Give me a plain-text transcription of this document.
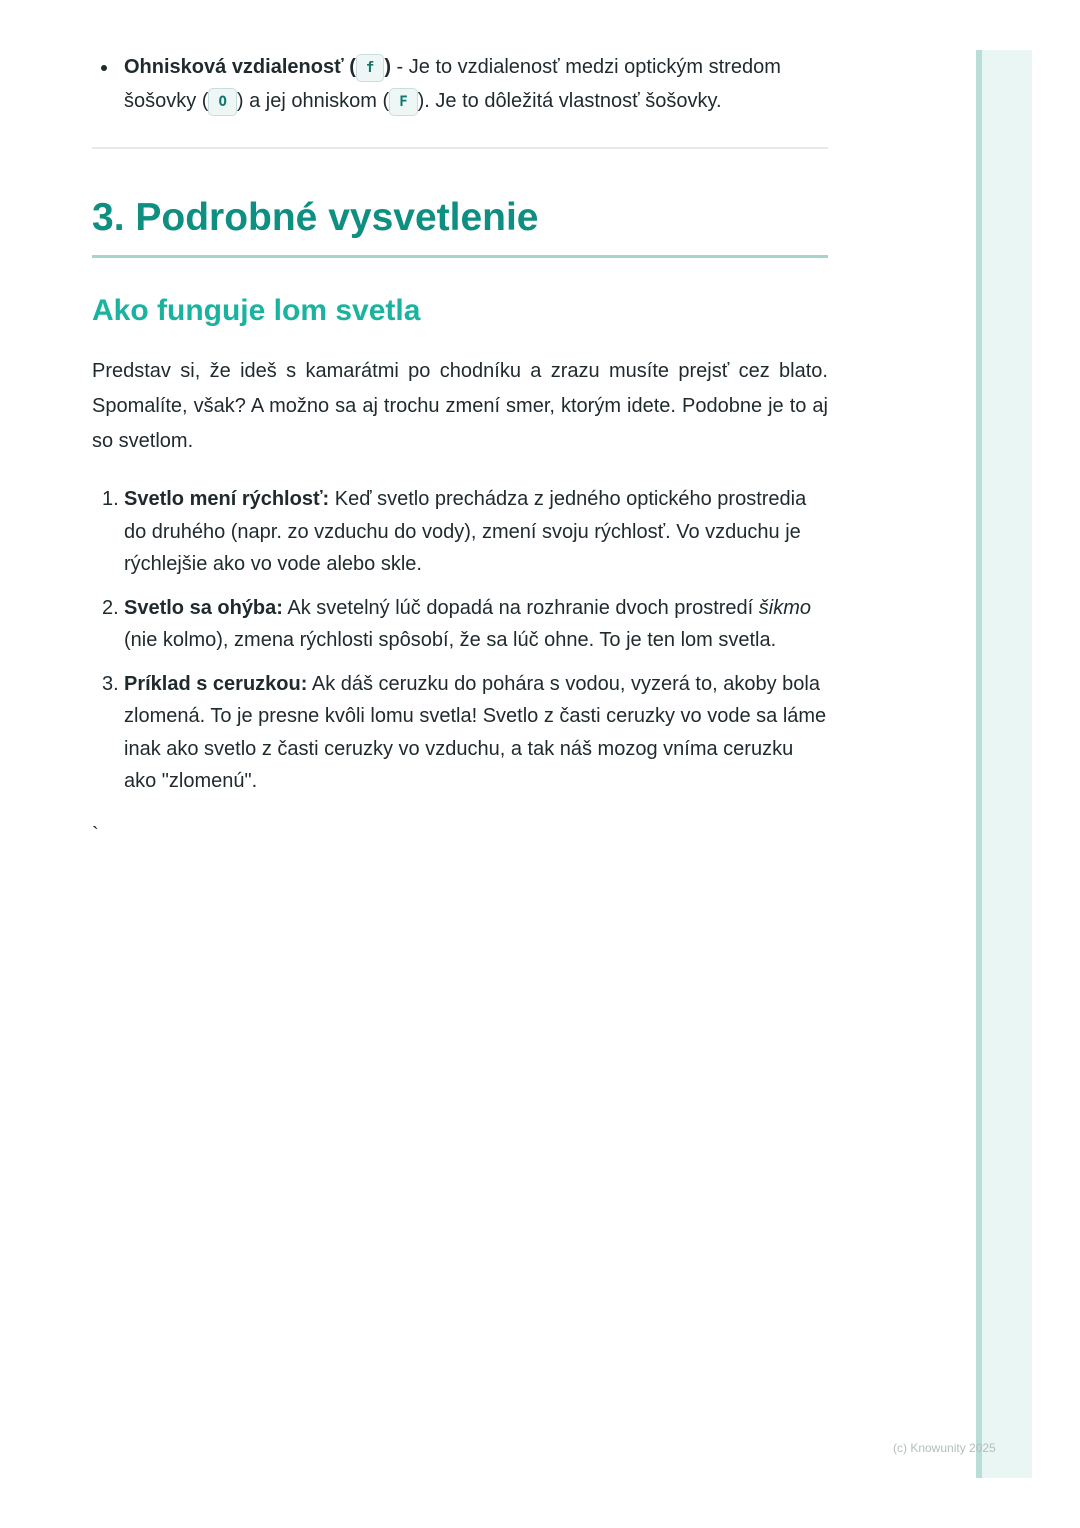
Ohnisková vzdialenosť ( f ) - Je to vzdialenosť medzi optickým stredom šošovky ( O ) a jej ohniskom ( F ). Je to dôležitá vlastnosť šošovky.
3. Podrobné vysvetlenie
Ako funguje lom svetla

Predstav si, že ideš s kamarátmi po chodníku a zrazu musíte prejsť cez blato. Spomalíte, však? A možno sa aj trochu zmení smer, ktorým idete. Podobne je to aj so svetlom.

1. Svetlo mení rýchlosť: Keď svetlo prechádza z jedného optického prostredia do druhého (napr. zo vzduchu do vody), zmení svoju rýchlosť. Vo vzduchu je rýchlejšie ako vo vode alebo skle.
2. Svetlo sa ohýba: Ak svetelný lúč dopadá na rozhranie dvoch prostredí šikmo (nie kolmo), zmena rýchlosti spôsobí, že sa lúč ohne. To je ten lom svetla.
3. Príklad s ceruzkou: Ak dáš ceruzku do pohára s vodou, vyzerá to, akoby bola zlomená. To je presne kvôli lomu svetla! Svetlo z časti ceruzky vo vode sa láme inak ako svetlo z časti ceruzky vo vzduchu, a tak náš mozog vníma ceruzku ako "zlomenú".
`
(c) Knowunity 2025
